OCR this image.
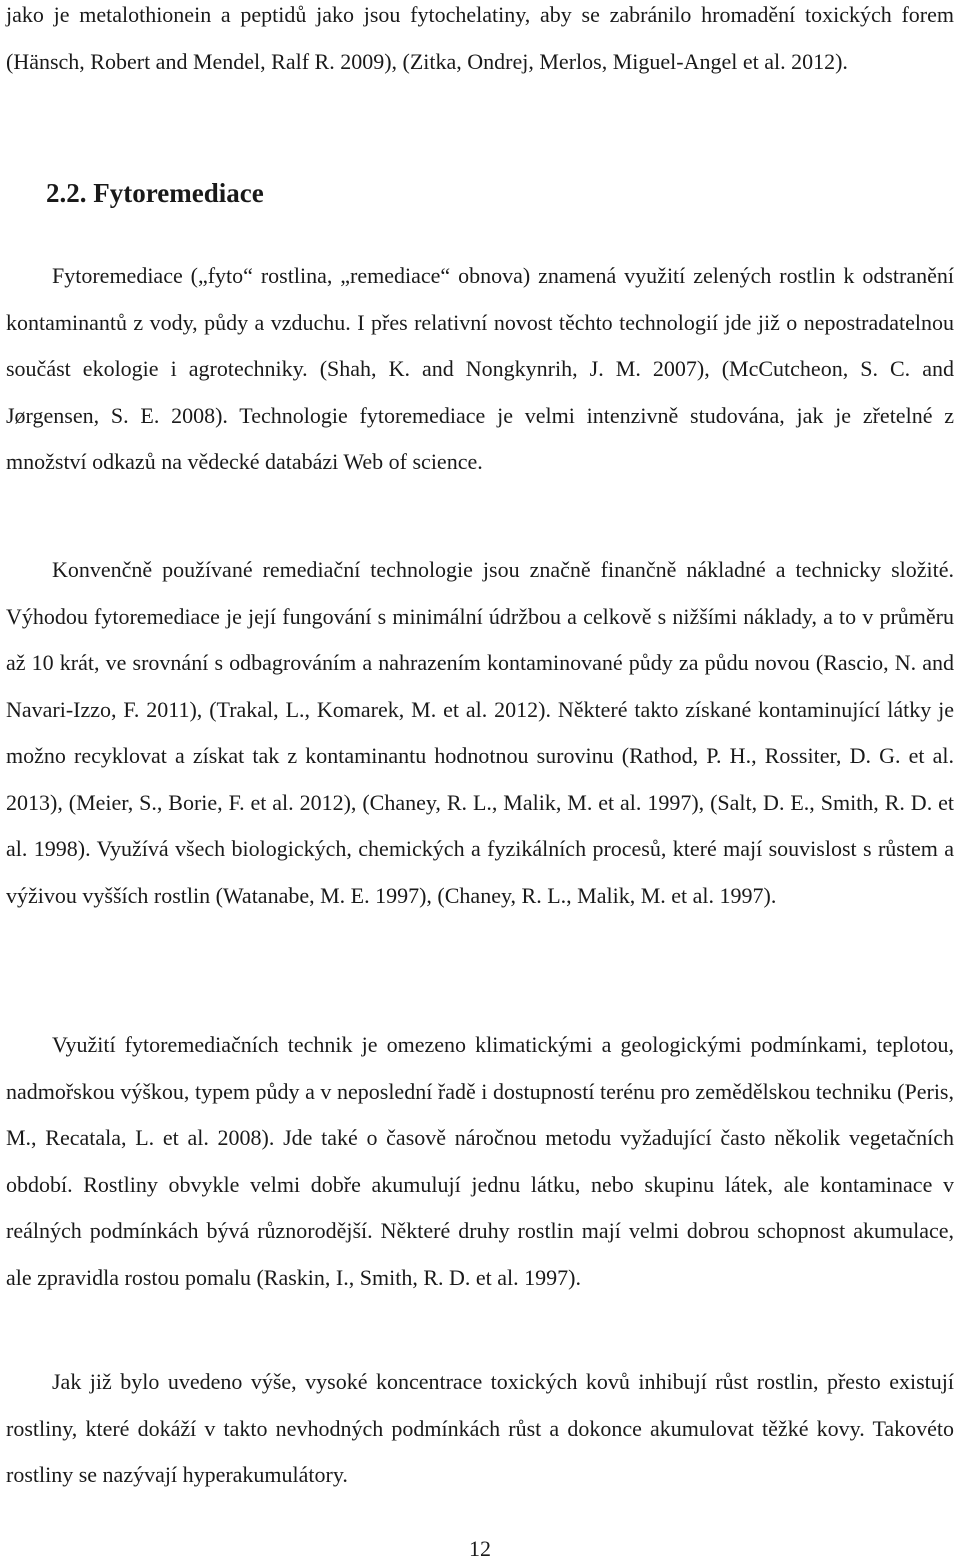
jako je metalothionein a peptidů jako jsou fytochelatiny, aby se zabránilo hromadění toxických forem (Hänsch, Robert and Mendel, Ralf R. 2009), (Zitka, Ondrej, Merlos, Miguel-Angel et al. 2012).

2.2. Fytoremediace

Fytoremediace („fyto“ rostlina, „remediace“ obnova) znamená využití zelených rostlin k odstranění kontaminantů z vody, půdy a vzduchu. I přes relativní novost těchto technologií jde již o nepostradatelnou součást ekologie i agrotechniky. (Shah, K. and Nongkynrih, J. M. 2007), (McCutcheon, S. C. and Jørgensen, S. E. 2008). Technologie fytoremediace je velmi intenzivně studována, jak je zřetelné z množství odkazů na vědecké databázi Web of science.

Konvenčně používané remediační technologie jsou značně finančně nákladné a technicky složité. Výhodou fytoremediace je její fungování s minimální údržbou a celkově s nižšími náklady, a to v průměru až 10 krát, ve srovnání s odbagrováním a nahrazením kontaminované půdy za půdu novou (Rascio, N. and Navari-Izzo, F. 2011), (Trakal, L., Komarek, M. et al. 2012). Některé takto získané kontaminující látky je možno recyklovat a získat tak z kontaminantu hodnotnou surovinu (Rathod, P. H., Rossiter, D. G. et al. 2013), (Meier, S., Borie, F. et al. 2012), (Chaney, R. L., Malik, M. et al. 1997), (Salt, D. E., Smith, R. D. et al. 1998). Využívá všech biologických, chemických a fyzikálních procesů, které mají souvislost s růstem a výživou vyšších rostlin (Watanabe, M. E. 1997), (Chaney, R. L., Malik, M. et al. 1997).

Využití fytoremediačních technik je omezeno klimatickými a geologickými podmínkami, teplotou, nadmořskou výškou, typem půdy a v neposlední řadě i dostupností terénu pro zemědělskou techniku (Peris, M., Recatala, L. et al. 2008). Jde také o časově náročnou metodu vyžadující často několik vegetačních období. Rostliny obvykle velmi dobře akumulují jednu látku, nebo skupinu látek, ale kontaminace v reálných podmínkách bývá různorodější. Některé druhy rostlin mají velmi dobrou schopnost akumulace, ale zpravidla rostou pomalu (Raskin, I., Smith, R. D. et al. 1997).

Jak již bylo uvedeno výše, vysoké koncentrace toxických kovů inhibují růst rostlin, přesto existují rostliny, které dokáží v takto nevhodných podmínkách růst a dokonce akumulovat těžké kovy. Takovéto rostliny se nazývají hyperakumulátory.

12
